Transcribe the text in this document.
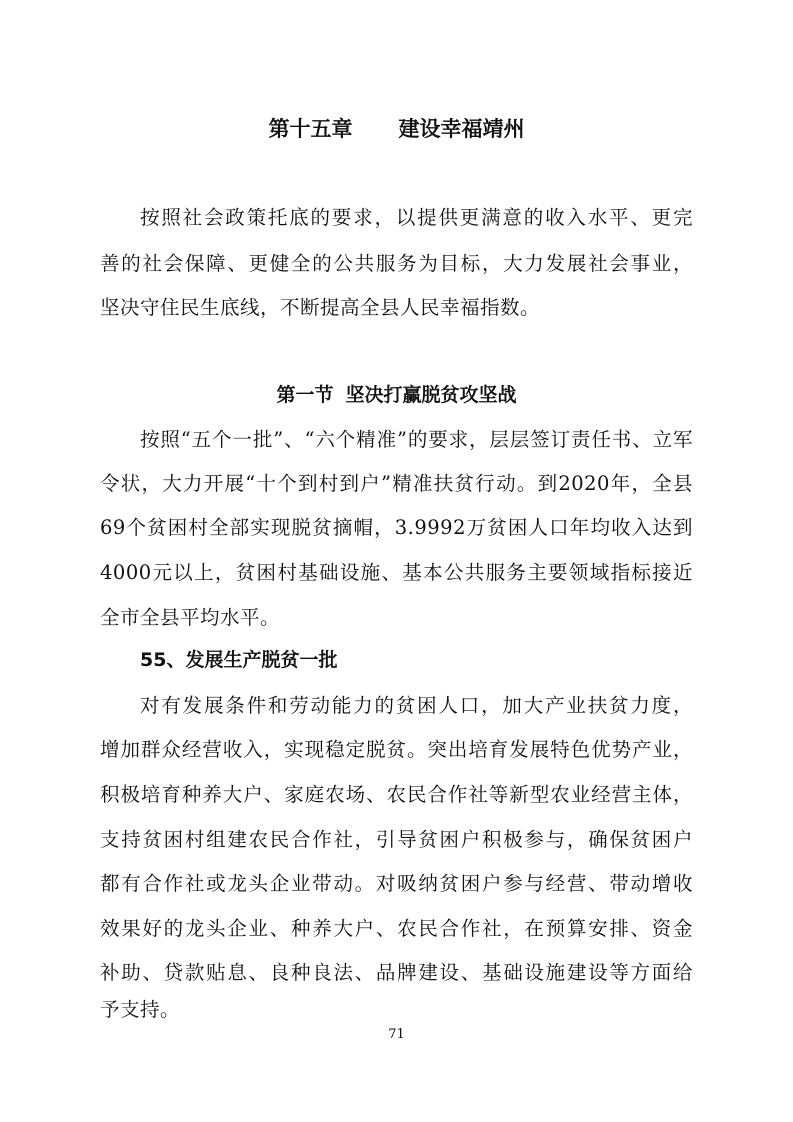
第十五章 建设幸福靖州
按照社会政策托底的要求，以提供更满意的收入水平、更完
善的社会保障、更健全的公共服务为目标，大力发展社会事业，
坚决守住民生底线，不断提高全县人民幸福指数。
第一节 坚决打赢脱贫攻坚战
按照“五个一批”、“六个精准”的要求，层层签订责任书、立军
令状，大力开展“十个到村到户”精准扶贫行动。到2020年，全县
69个贫困村全部实现脱贫摘帽，3.9992万贫困人口年均收入达到
4000元以上，贫困村基础设施、基本公共服务主要领域指标接近
全市全县平均水平。
55、发展生产脱贫一批
对有发展条件和劳动能力的贫困人口，加大产业扶贫力度，
增加群众经营收入，实现稳定脱贫。突出培育发展特色优势产业，
积极培育种养大户、家庭农场、农民合作社等新型农业经营主体，
支持贫困村组建农民合作社，引导贫困户积极参与，确保贫困户
都有合作社或龙头企业带动。对吸纳贫困户参与经营、带动增收
效果好的龙头企业、种养大户、农民合作社，在预算安排、资金
补助、贷款贴息、良种良法、品牌建设、基础设施建设等方面给
予支持。
71
